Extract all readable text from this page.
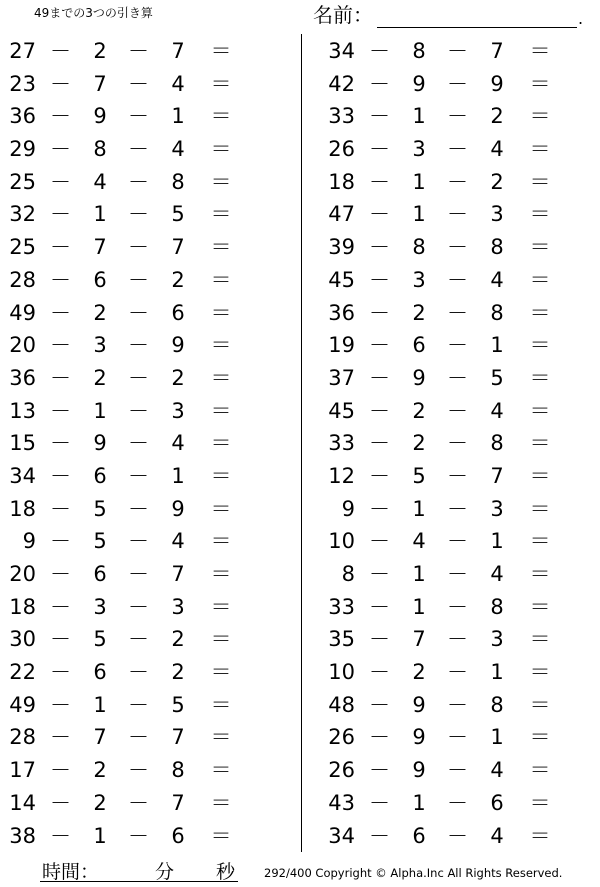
49までの3つの引き算	名前：	.
27 － 2 － 7 ＝
23 － 7 － 4 ＝
36 － 9 － 1 ＝
29 － 8 － 4 ＝
25 － 4 － 8 ＝
32 － 1 － 5 ＝
25 － 7 － 7 ＝
28 － 6 － 2 ＝
49 － 2 － 6 ＝
20 － 3 － 9 ＝
36 － 2 － 2 ＝
13 － 1 － 3 ＝
15 － 9 － 4 ＝
34 － 6 － 1 ＝
18 － 5 － 9 ＝
9 － 5 － 4 ＝
20 － 6 － 7 ＝
18 － 3 － 3 ＝
30 － 5 － 2 ＝
22 － 6 － 2 ＝
49 － 1 － 5 ＝
28 － 7 － 7 ＝
17 － 2 － 8 ＝
14 － 2 － 7 ＝
38 － 1 － 6 ＝
34 － 8 － 7 ＝
42 － 9 － 9 ＝
33 － 1 － 2 ＝
26 － 3 － 4 ＝
18 － 1 － 2 ＝
47 － 1 － 3 ＝
39 － 8 － 8 ＝
45 － 3 － 4 ＝
36 － 2 － 8 ＝
19 － 6 － 1 ＝
37 － 9 － 5 ＝
45 － 2 － 4 ＝
33 － 2 － 8 ＝
12 － 5 － 7 ＝
9 － 1 － 3 ＝
10 － 4 － 1 ＝
8 － 1 － 4 ＝
33 － 1 － 8 ＝
35 － 7 － 3 ＝
10 － 2 － 1 ＝
48 － 9 － 8 ＝
26 － 9 － 1 ＝
26 － 9 － 4 ＝
43 － 1 － 6 ＝
34 － 6 － 4 ＝
時間：	分 秒	292/400 Copyright © Alpha.Inc All Rights Reserved.
